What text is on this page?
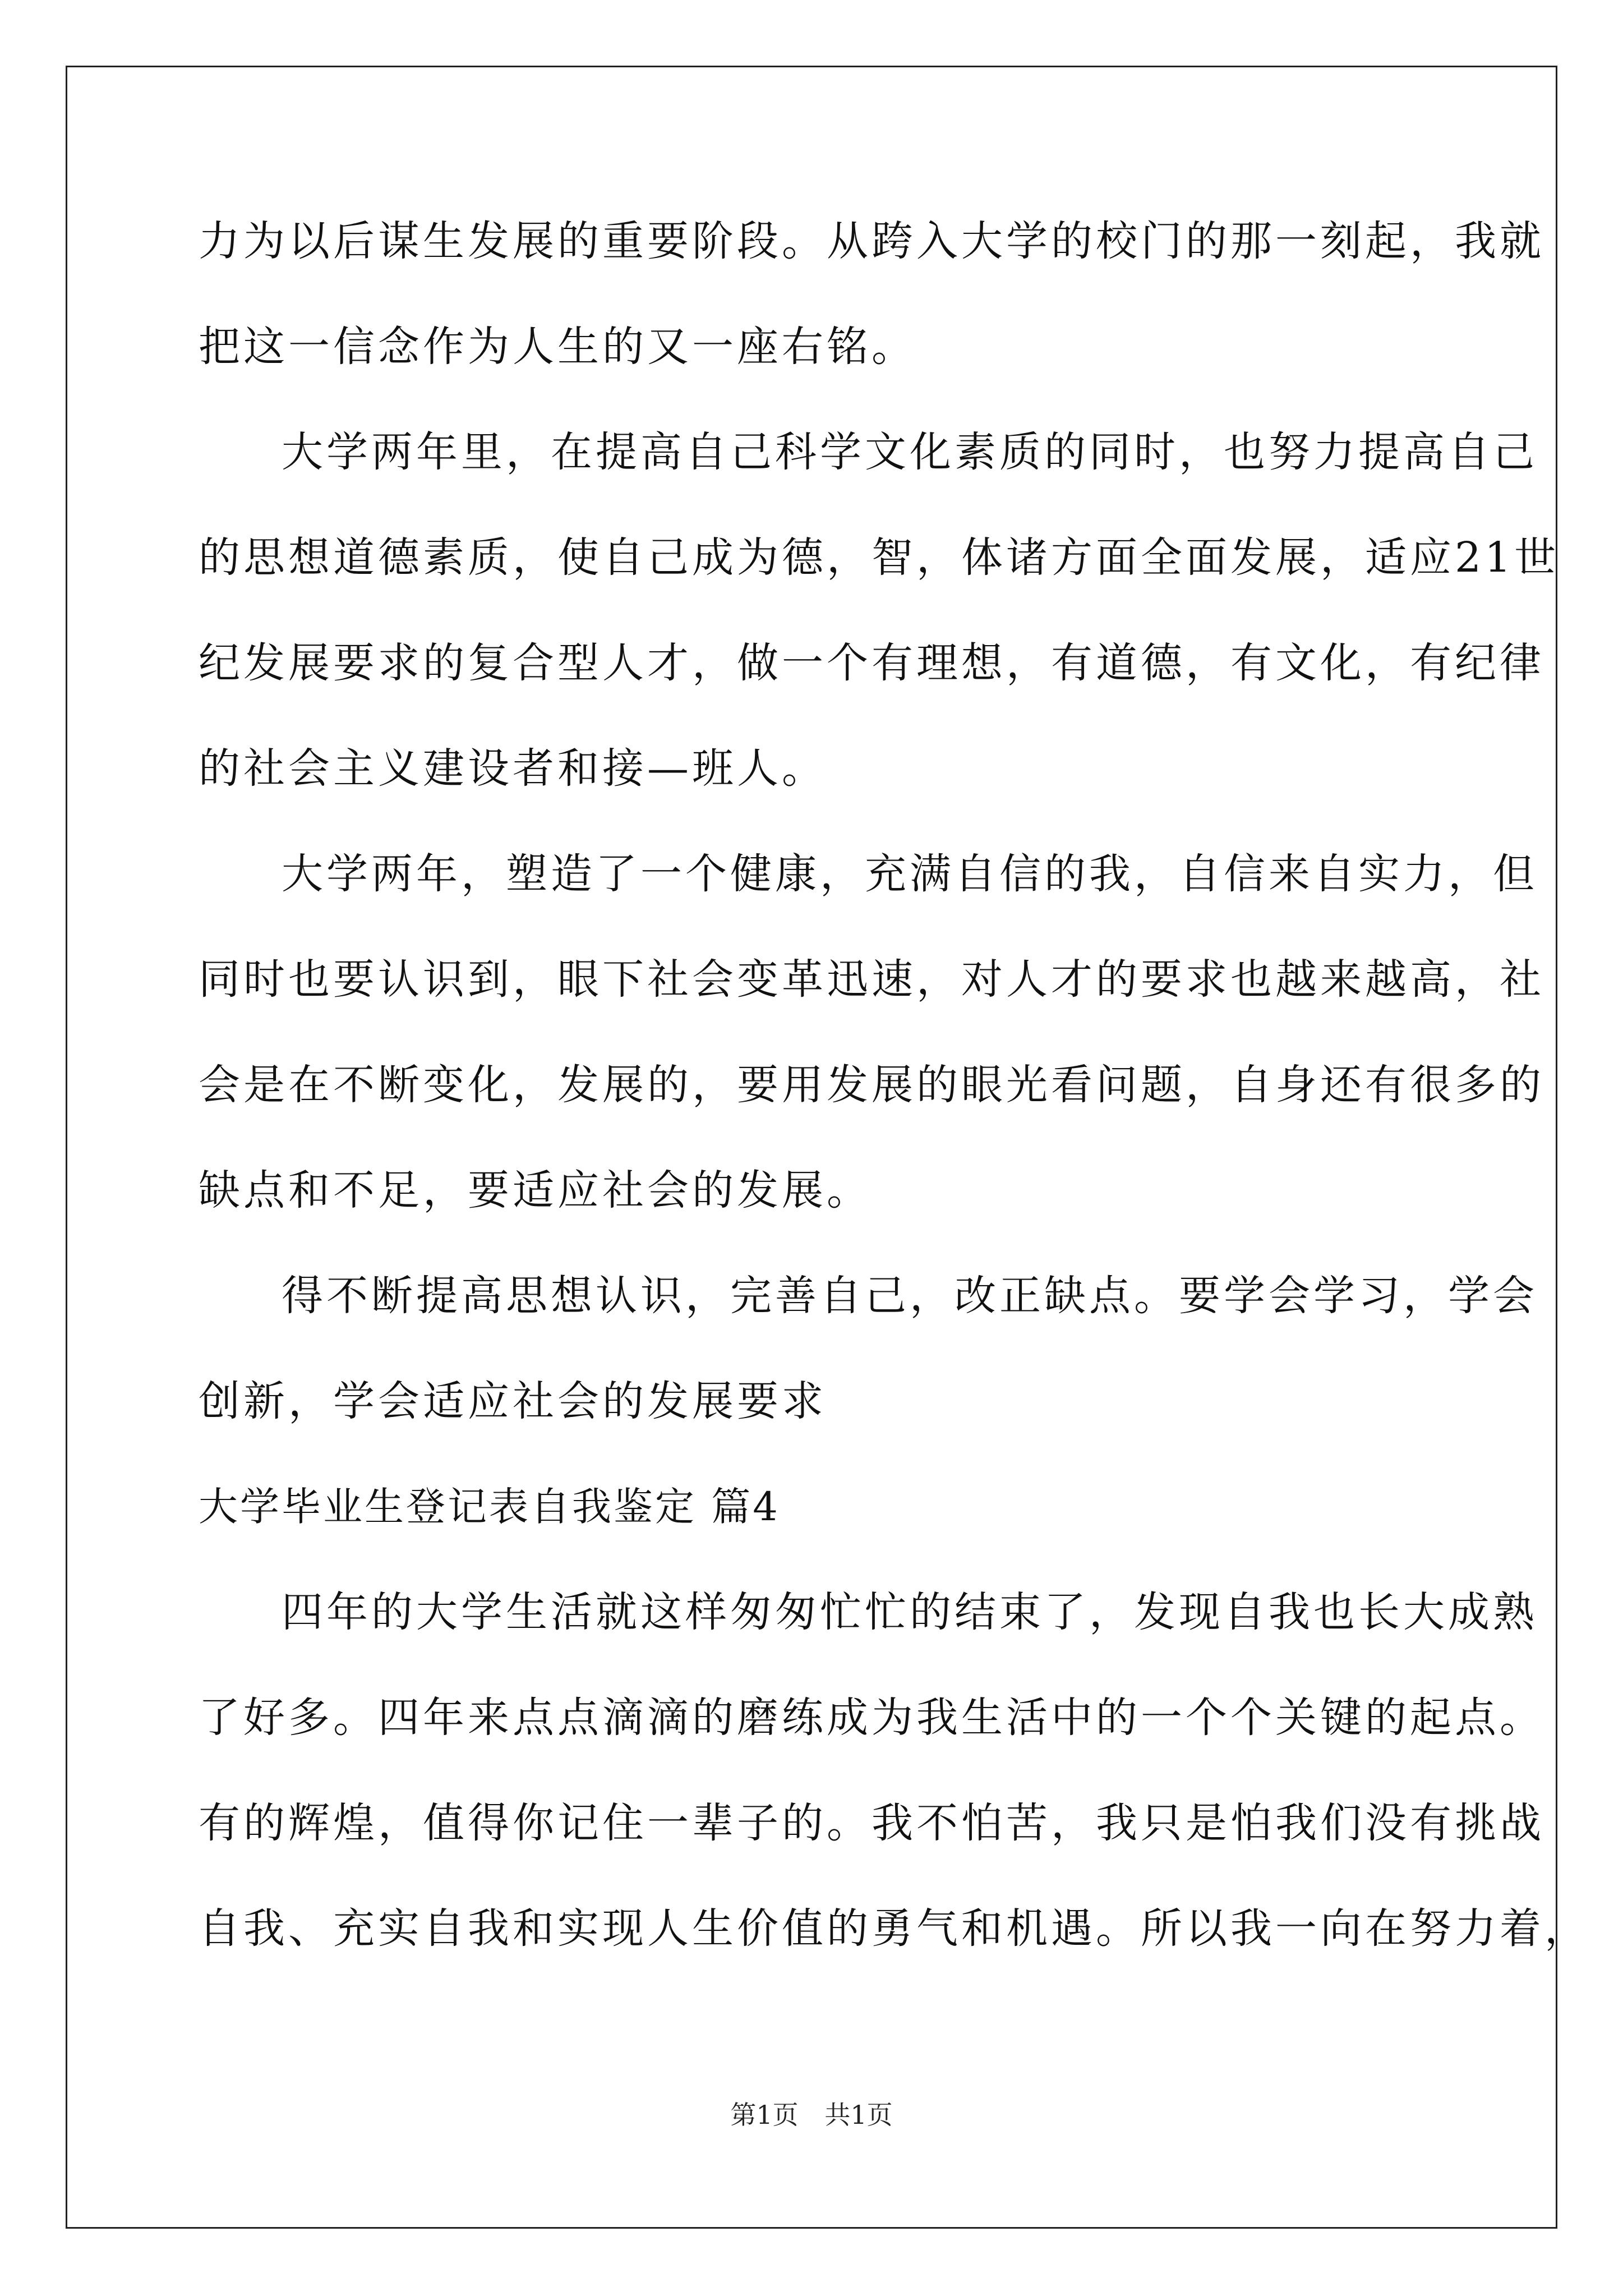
力为以后谋生发展的重要阶段。从跨入大学的校门的那一刻起，我就
把这一信念作为人生的又一座右铭。
大学两年里，在提高自己科学文化素质的同时，也努力提高自己
的思想道德素质，使自己成为德，智，体诸方面全面发展，适应21世
纪发展要求的复合型人才，做一个有理想，有道德，有文化，有纪律
的社会主义建设者和接—班人。
大学两年，塑造了一个健康，充满自信的我，自信来自实力，但
同时也要认识到，眼下社会变革迅速，对人才的要求也越来越高，社
会是在不断变化，发展的，要用发展的眼光看问题，自身还有很多的
缺点和不足，要适应社会的发展。
得不断提高思想认识，完善自己，改正缺点。要学会学习，学会
创新，学会适应社会的发展要求
大学毕业生登记表自我鉴定 篇4
四年的大学生活就这样匆匆忙忙的结束了，发现自我也长大成熟
了好多。四年来点点滴滴的磨练成为我生活中的一个个关键的起点。
有的辉煌，值得你记住一辈子的。我不怕苦，我只是怕我们没有挑战
自我、充实自我和实现人生价值的勇气和机遇。所以我一向在努力着，
第1页 共1页
